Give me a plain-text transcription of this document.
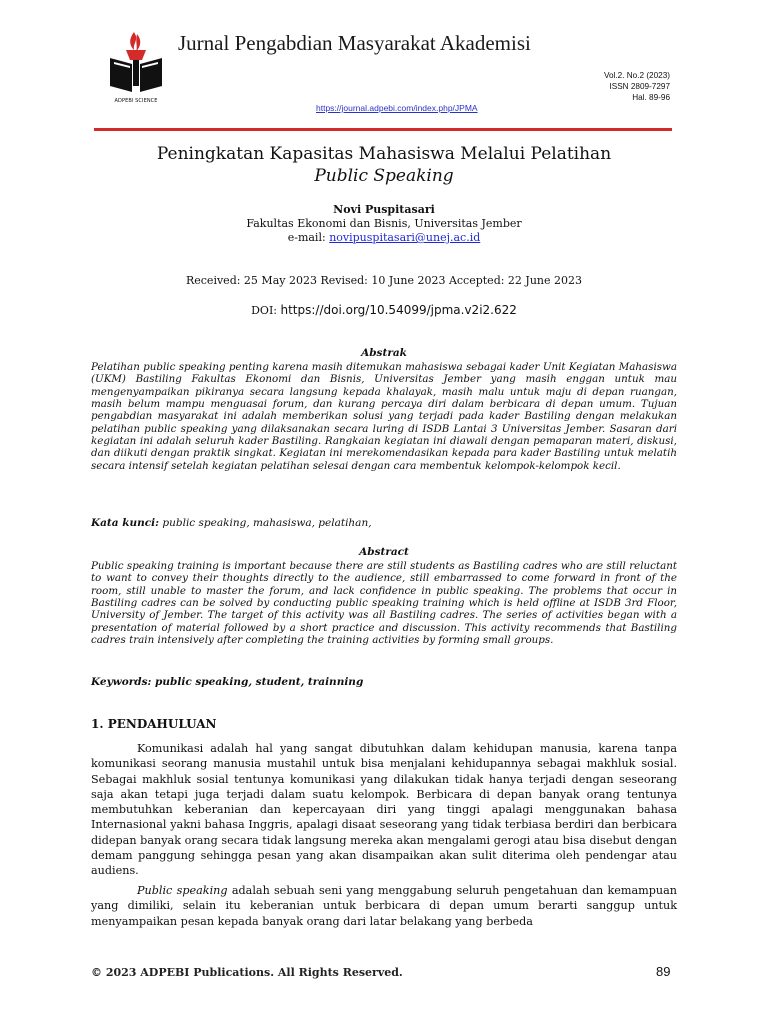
ADPEBI SCIENCE
Jurnal Pengabdian Masyarakat Akademisi
Vol.2. No.2 (2023)
ISSN 2809-7297
Hal. 89-96
https://journal.adpebi.com/index.php/JPMA
Peningkatan Kapasitas Mahasiswa Melalui Pelatihan
Public Speaking
Novi Puspitasari
Fakultas Ekonomi dan Bisnis, Universitas Jember
e-mail: novipuspitasari@unej.ac.id
Received: 25 May 2023 Revised: 10 June 2023 Accepted: 22 June 2023
DOI: https://doi.org/10.54099/jpma.v2i2.622
Abstrak

Pelatihan public speaking penting karena masih ditemukan mahasiswa sebagai kader Unit Kegiatan Mahasiswa (UKM) Bastiling Fakultas Ekonomi dan Bisnis, Universitas Jember yang masih enggan untuk mau mengenyampaikan pikiranya secara langsung kepada khalayak, masih malu untuk maju di depan ruangan, masih belum mampu menguasai forum, dan kurang percaya diri dalam berbicara di depan umum. Tujuan pengabdian masyarakat ini adalah memberikan solusi yang terjadi pada kader Bastiling dengan melakukan pelatihan public speaking yang dilaksanakan secara luring di ISDB Lantai 3 Universitas Jember. Sasaran dari kegiatan ini adalah seluruh kader Bastiling. Rangkaian kegiatan ini diawali dengan pemaparan materi, diskusi, dan diikuti dengan praktik singkat. Kegiatan ini merekomendasikan kepada para kader Bastiling untuk melatih secara intensif setelah kegiatan pelatihan selesai dengan cara membentuk kelompok-kelompok kecil.

Kata kunci: public speaking, mahasiswa, pelatihan,
Abstract

Public speaking training is important because there are still students as Bastiling cadres who are still reluctant to want to convey their thoughts directly to the audience, still embarrassed to come forward in front of the room, still unable to master the forum, and lack confidence in public speaking. The problems that occur in Bastiling cadres can be solved by conducting public speaking training which is held offline at ISDB 3rd Floor, University of Jember. The target of this activity was all Bastiling cadres. The series of activities began with a presentation of material followed by a short practice and discussion. This activity recommends that Bastiling cadres train intensively after completing the training activities by forming small groups.

Keywords: public speaking, student, trainning
1. PENDAHULUAN

Komunikasi adalah hal yang sangat dibutuhkan dalam kehidupan manusia, karena tanpa komunikasi seorang manusia mustahil untuk bisa menjalani kehidupannya sebagai makhluk sosial. Sebagai makhluk sosial tentunya komunikasi yang dilakukan tidak hanya terjadi dengan seseorang saja akan tetapi juga terjadi dalam suatu kelompok. Berbicara di depan banyak orang tentunya membutuhkan keberanian dan kepercayaan diri yang tinggi apalagi menggunakan bahasa Internasional yakni bahasa Inggris, apalagi disaat seseorang yang tidak terbiasa berdiri dan berbicara didepan banyak orang secara tidak langsung mereka akan mengalami gerogi atau bisa disebut dengan demam panggung sehingga pesan yang akan disampaikan akan sulit diterima oleh pendengar atau audiens.

Public speaking adalah sebuah seni yang menggabung seluruh pengetahuan dan kemampuan yang dimiliki, selain itu keberanian untuk berbicara di depan umum berarti sanggup untuk menyampaikan pesan kepada banyak orang dari latar belakang yang berbeda

© 2023 ADPEBI Publications. All Rights Reserved.	89
